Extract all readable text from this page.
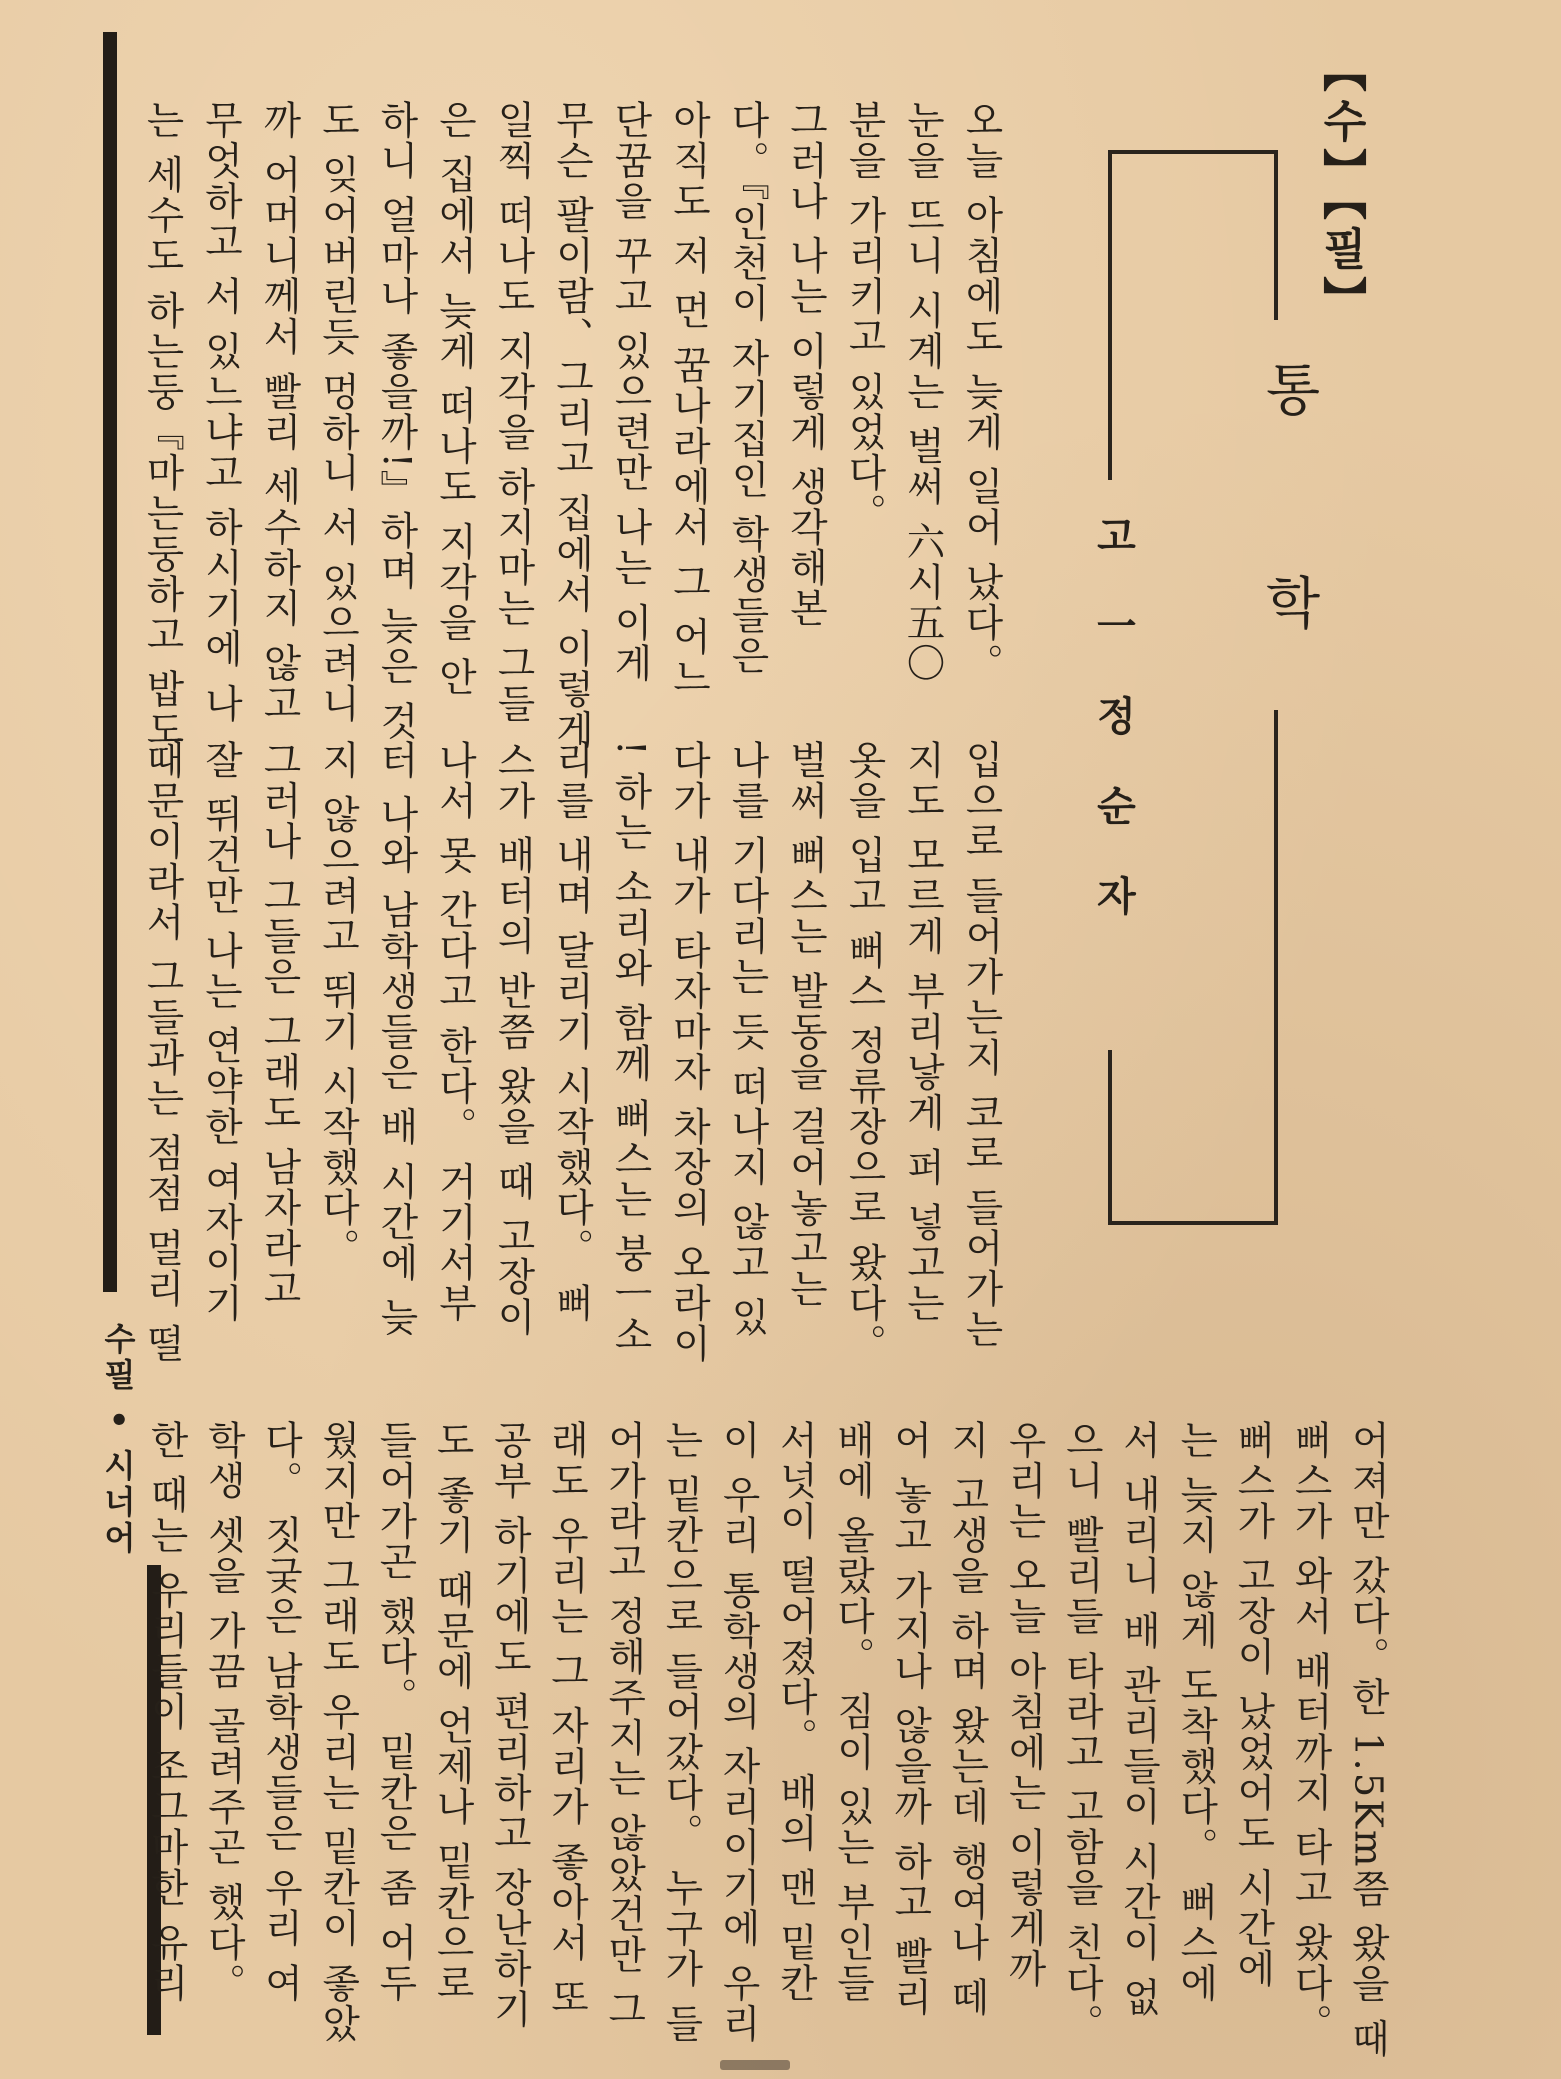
【수】【필】
통 학
고 一 정 순 자
수필 • 시너어
오늘 아침에도 늦게 일어 났다。
눈을 뜨니 시계는 벌써 六시五〇
분을 가리키고 있었다。
그러나 나는 이렇게 생각해본
다。『인천이 자기집인 학생들은
아직도 저 먼 꿈나라에서 그 어느
단꿈을 꾸고 있으련만 나는 이게
무슨 팔이람、그리고 집에서 이렇게
일찍 떠나도 지각을 하지마는 그들
은 집에서 늦게 떠나도 지각을 안
하니 얼마나 좋을까!』하며 늦은 것
도 잊어버린듯 멍하니 서 있으려니
까 어머니께서 빨리 세수하지 않고
무엇하고 서 있느냐고 하시기에 나
는 세수도 하는둥『마는둥하고 밥도
입으로 들어가는지 코로 들어가는
지도 모르게 부리낳게 퍼 넣고는
옷을 입고 뻐스 정류장으로 왔다。
벌써 뻐스는 발동을 걸어놓고는
나를 기다리는 듯 떠나지 않고 있
다가 내가 타자마자 차장의 오라이
! 하는 소리와 함께 뻐스는 붕ㅡ소
리를 내며 달리기 시작했다。 뻐
스가 배터의 반쯤 왔을 때 고장이
나서 못 간다고 한다。 거기서부
터 나와 남학생들은 배 시간에 늦
지 않으려고 뛰기 시작했다。
그러나 그들은 그래도 남자라고
잘 뛰건만 나는 연약한 여자이기
때문이라서 그들과는 점점 멀리 떨
어져만 갔다。한 1.5Km쯤 왔을 때
뻐스가 와서 배터까지 타고 왔다。
뻐스가 고장이 났었어도 시간에
는 늦지 않게 도착했다。 뻐스에
서 내리니 배 관리들이 시간이 없
으니 빨리들 타라고 고함을 친다。
우리는 오늘 아침에는 이렇게까
지 고생을 하며 왔는데 행여나 떼
어 놓고 가지나 않을까 하고 빨리
배에 올랐다。 짐이 있는 부인들
서넛이 떨어졌다。 배의 맨 밑칸
이 우리 통학생의 자리이기에 우리
는 밑칸으로 들어갔다。 누구가 들
어가라고 정해주지는 않았건만 그
래도 우리는 그 자리가 좋아서 또
공부 하기에도 편리하고 장난하기
도 좋기 때문에 언제나 밑칸으로
들어가곤 했다。 밑칸은 좀 어두
웠지만 그래도 우리는 밑칸이 좋았
다。 짓궂은 남학생들은 우리 여
학생 셋을 가끔 골려주곤 했다。
한 때는 우리들이 조그마한 유리
